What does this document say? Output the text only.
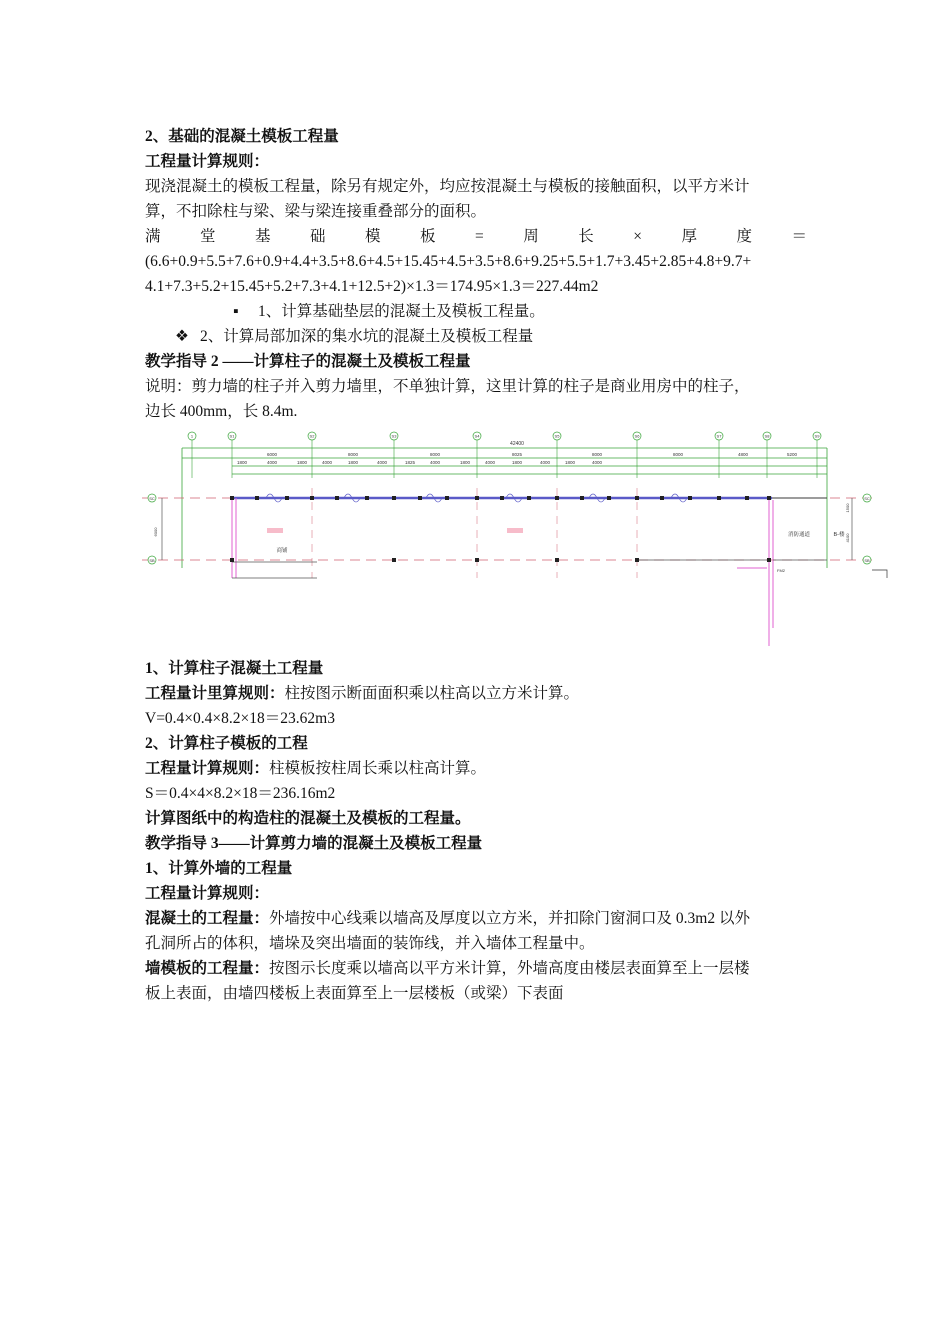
2、基础的混凝土模板工程量
工程量计算规则：
现浇混凝土的模板工程量，除另有规定外，均应按混凝土与模板的接触面积，以平方米计
算，不扣除柱与梁、梁与梁连接重叠部分的面积。
满	堂	基	础	模	板	=	周	长	×	厚	度	＝
(6.6+0.9+5.5+7.6+0.9+4.4+3.5+8.6+4.5+15.45+4.5+3.5+8.6+9.25+5.5+1.7+3.45+2.85+4.8+9.7+
4.1+7.3+5.2+15.45+5.2+7.3+4.1+12.5+2)×1.3＝174.95×1.3＝227.44m2
▪ 1、计算基础垫层的混凝土及模板工程量。
❖ 2、计算局部加深的集水坑的混凝土及模板工程量
教学指导 2 ——计算柱子的混凝土及模板工程量
说明：剪力墙的柱子并入剪力墙里，不单独计算，这里计算的柱子是商业用房中的柱子，
边长 400mm，长 8.4m.
1	S1	S2	S3	S4	S5	S6	S7	S8	S9
6000	8000	8000	8025	8000	8000	4800	5200
1800	4000	1800	4000	1800	4000	1825	4000	1800	4000	1800	4000	1800	4000
42400
商铺
消防通道	B-楼
FM2
SC
SB
SC
SB
6000
1500
4100
1、计算柱子混凝土工程量
工程量计里算规则：柱按图示断面面积乘以柱高以立方米计算。
V=0.4×0.4×8.2×18＝23.62m3
2、计算柱子模板的工程
工程量计算规则：柱模板按柱周长乘以柱高计算。
S＝0.4×4×8.2×18＝236.16m2
计算图纸中的构造柱的混凝土及模板的工程量。
教学指导 3——计算剪力墙的混凝土及模板工程量
1、计算外墙的工程量
工程量计算规则：
混凝土的工程量：外墙按中心线乘以墙高及厚度以立方米，并扣除门窗洞口及 0.3m2 以外
孔洞所占的体积，墙垛及突出墙面的装饰线，并入墙体工程量中。
墙模板的工程量：按图示长度乘以墙高以平方米计算，外墙高度由楼层表面算至上一层楼
板上表面，由墙四楼板上表面算至上一层楼板（或梁）下表面
